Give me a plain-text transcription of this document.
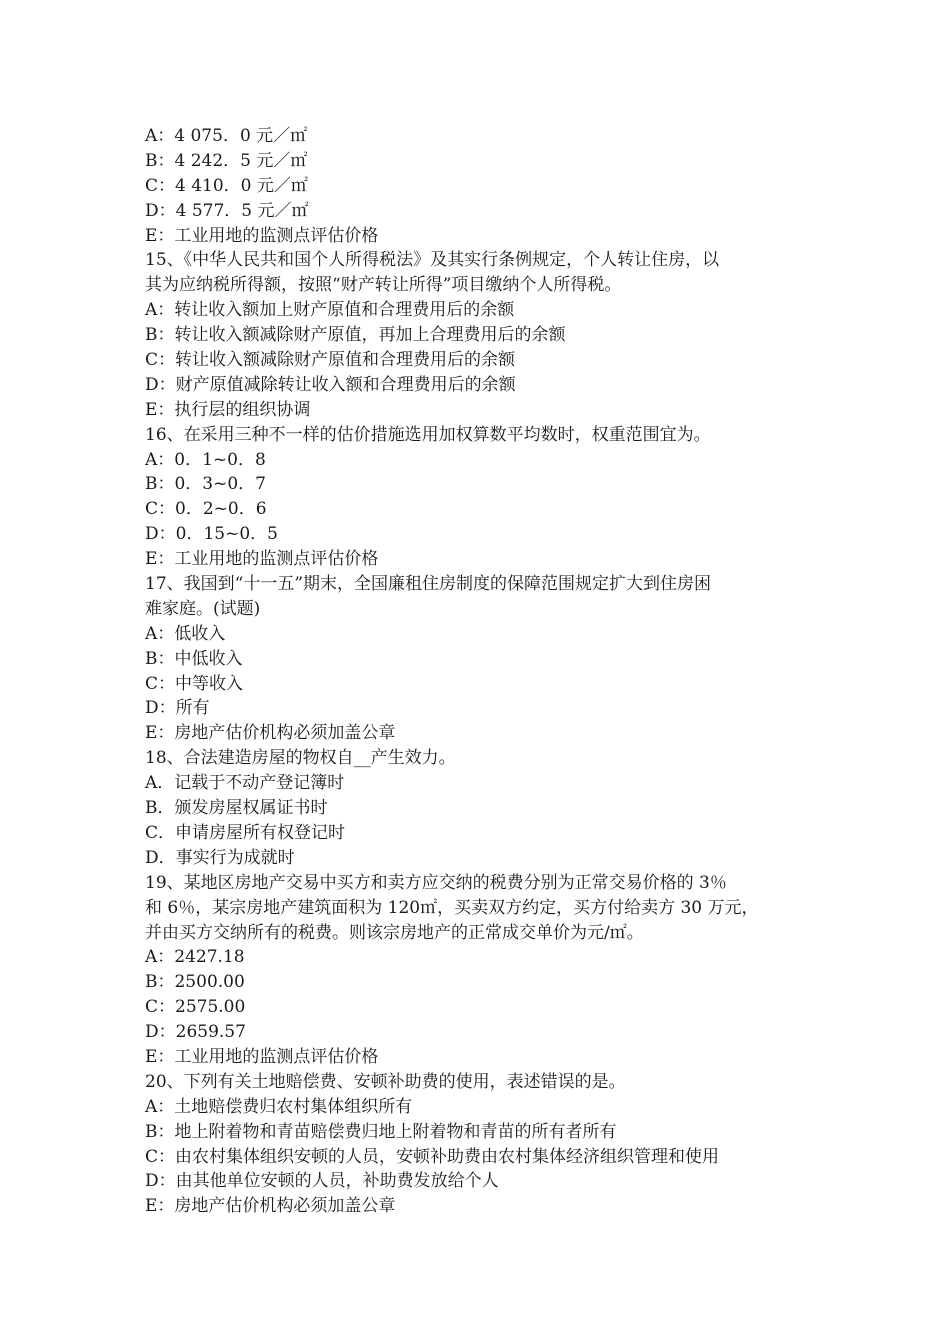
A：4 075．0 元／㎡
B：4 242．5 元／㎡
C：4 410．0 元／㎡
D：4 577．5 元／㎡
E：工业用地的监测点评估价格
15、《中华人民共和国个人所得税法》及其实行条例规定，个人转让住房，以
其为应纳税所得额，按照“财产转让所得”项目缴纳个人所得税。
A：转让收入额加上财产原值和合理费用后的余额
B：转让收入额减除财产原值，再加上合理费用后的余额
C：转让收入额减除财产原值和合理费用后的余额
D：财产原值减除转让收入额和合理费用后的余额
E：执行层的组织协调
16、在采用三种不一样的估价措施选用加权算数平均数时，权重范围宜为。
A：0．1~0．8
B：0．3~0．7
C：0．2~0．6
D：0．15~0．5
E：工业用地的监测点评估价格
17、我国到“十一五”期末，全国廉租住房制度的保障范围规定扩大到住房困
难家庭。(试题)
A：低收入
B：中低收入
C：中等收入
D：所有
E：房地产估价机构必须加盖公章
18、合法建造房屋的物权自__产生效力。
A．记载于不动产登记簿时
B．颁发房屋权属证书时
C．申请房屋所有权登记时
D．事实行为成就时
19、某地区房地产交易中买方和卖方应交纳的税费分别为正常交易价格的 3％
和 6％，某宗房地产建筑面积为 120㎡，买卖双方约定，买方付给卖方 30 万元，
并由买方交纳所有的税费。则该宗房地产的正常成交单价为元/㎡。
A：2427.18
B：2500.00
C：2575.00
D：2659.57
E：工业用地的监测点评估价格
20、下列有关土地赔偿费、安顿补助费的使用，表述错误的是。
A：土地赔偿费归农村集体组织所有
B：地上附着物和青苗赔偿费归地上附着物和青苗的所有者所有
C：由农村集体组织安顿的人员，安顿补助费由农村集体经济组织管理和使用
D：由其他单位安顿的人员，补助费发放给个人
E：房地产估价机构必须加盖公章
